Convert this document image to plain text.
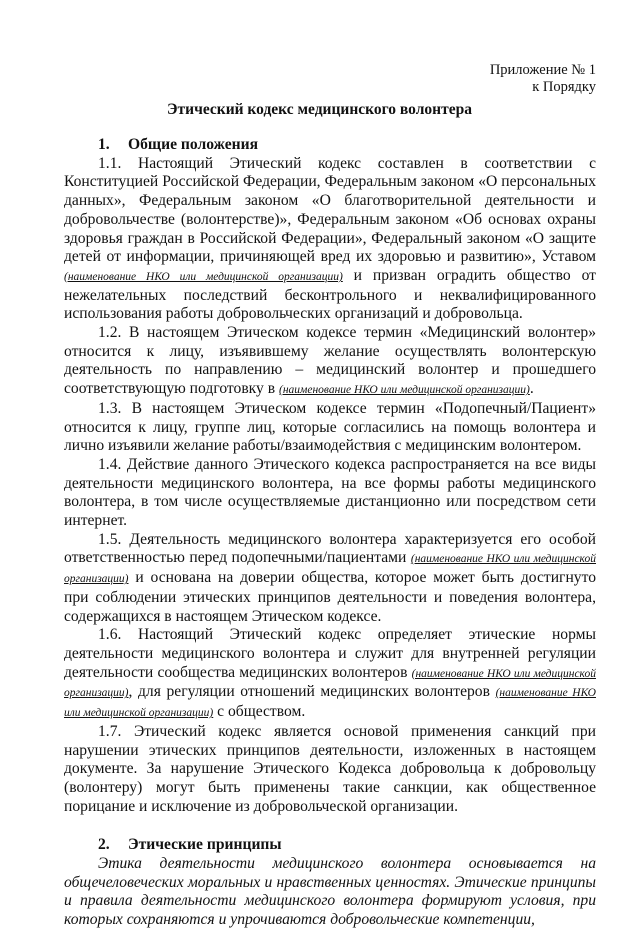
Приложение № 1
к Порядку
Этический кодекс медицинского волонтера
1. Общие положения

1.1. Настоящий Этический кодекс составлен в соответствии с Конституцией Российской Федерации, Федеральным законом «О персональных данных», Федеральным законом «О благотворительной деятельности и добровольчестве (волонтерстве)», Федеральным законом «Об основах охраны здоровья граждан в Российской Федерации», Федеральный законом «О защите детей от информации, причиняющей вред их здоровью и развитию», Уставом (наименование НКО или медицинской организации) и призван оградить общество от нежелательных последствий бесконтрольного и неквалифицированного использования работы добровольческих организаций и добровольца.

1.2. В настоящем Этическом кодексе термин «Медицинский волонтер» относится к лицу, изъявившему желание осуществлять волонтерскую деятельность по направлению – медицинский волонтер и прошедшего соответствующую подготовку в (наименование НКО или медицинской организации).

1.3. В настоящем Этическом кодексе термин «Подопечный/Пациент» относится к лицу, группе лиц, которые согласились на помощь волонтера и лично изъявили желание работы/взаимодействия с медицинским волонтером.

1.4. Действие данного Этического кодекса распространяется на все виды деятельности медицинского волонтера, на все формы работы медицинского волонтера, в том числе осуществляемые дистанционно или посредством сети интернет.

1.5. Деятельность медицинского волонтера характеризуется его особой ответственностью перед подопечными/пациентами (наименование НКО или медицинской организации) и основана на доверии общества, которое может быть достигнуто при соблюдении этических принципов деятельности и поведения волонтера, содержащихся в настоящем Этическом кодексе.

1.6. Настоящий Этический кодекс определяет этические нормы деятельности медицинского волонтера и служит для внутренней регуляции деятельности сообщества медицинских волонтеров (наименование НКО или медицинской организации), для регуляции отношений медицинских волонтеров (наименование НКО или медицинской организации) с обществом.

1.7. Этический кодекс является основой применения санкций при нарушении этических принципов деятельности, изложенных в настоящем документе. За нарушение Этического Кодекса добровольца к добровольцу (волонтеру) могут быть применены такие санкции, как общественное порицание и исключение из добровольческой организации.

2. Этические принципы

Этика деятельности медицинского волонтера основывается на общечеловеческих моральных и нравственных ценностях. Этические принципы и правила деятельности медицинского волонтера формируют условия, при которых сохраняются и упрочиваются добровольческие компетенции,
